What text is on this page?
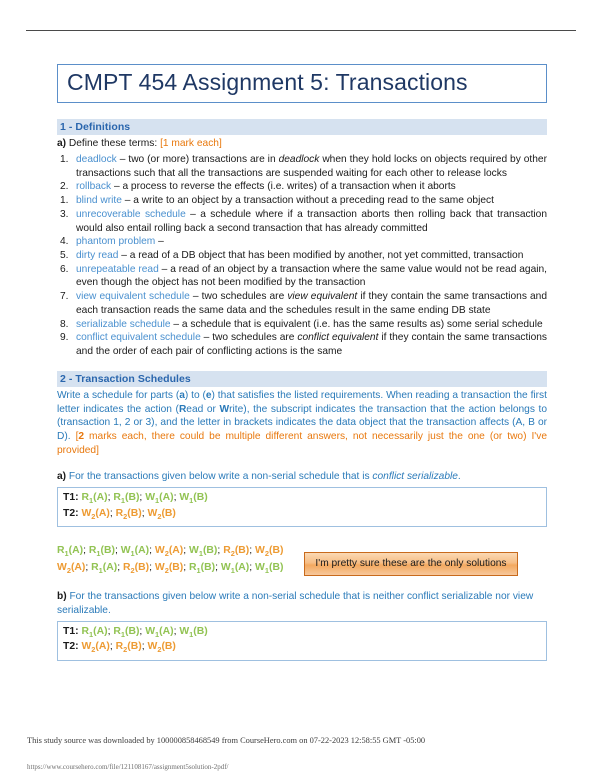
CMPT 454 Assignment 5: Transactions
1 - Definitions
a) Define these terms: [1 mark each]
1. deadlock – two (or more) transactions are in deadlock when they hold locks on objects required by other transactions such that all the transactions are suspended waiting for each other to release locks
2. rollback – a process to reverse the effects (i.e. writes) of a transaction when it aborts
1. blind write – a write to an object by a transaction without a preceding read to the same object
3. unrecoverable schedule – a schedule where if a transaction aborts then rolling back that transaction would also entail rolling back a second transaction that has already committed
4. phantom problem –
5. dirty read – a read of a DB object that has been modified by another, not yet committed, transaction
6. unrepeatable read – a read of an object by a transaction where the same value would not be read again, even though the object has not been modified by the transaction
7. view equivalent schedule – two schedules are view equivalent if they contain the same transactions and each transaction reads the same data and the schedules result in the same ending DB state
8. serializable schedule – a schedule that is equivalent (i.e. has the same results as) some serial schedule
9. conflict equivalent schedule – two schedules are conflict equivalent if they contain the same transactions and the order of each pair of conflicting actions is the same
2 - Transaction Schedules
Write a schedule for parts (a) to (e) that satisfies the listed requirements. When reading a transaction the first letter indicates the action (Read or Write), the subscript indicates the transaction that the action belongs to (transaction 1, 2 or 3), and the letter in brackets indicates the data object that the transaction affects (A, B or D). [2 marks each, there could be multiple different answers, not necessarily just the one (or two) I've provided]
a) For the transactions given below write a non-serial schedule that is conflict serializable.
T1: $R_1(A)$; $R_1(B)$; $W_1(A)$; $W_1(B)$
T2: $W_2(A)$; $R_2(B)$; $W_2(B)$
$R_1(A)$; $R_1(B)$; $W_1(A)$; $W_2(A)$; $W_1(B)$; $R_2(B)$; $W_2(B)$
$W_2(A)$; $R_1(A)$; $R_2(B)$; $W_2(B)$; $R_1(B)$; $W_1(A)$; $W_1(B)$	I'm pretty sure these are the only solutions
b) For the transactions given below write a non-serial schedule that is neither conflict serializable nor view serializable.
T1: $R_1(A)$; $R_1(B)$; $W_1(A)$; $W_1(B)$
T2: $W_2(A)$; $R_2(B)$; $W_2(B)$
This study source was downloaded by 100000858468549 from CourseHero.com on 07-22-2023 12:58:55 GMT -05:00
https://www.coursehero.com/file/121108167/assignment5solution-2pdf/
